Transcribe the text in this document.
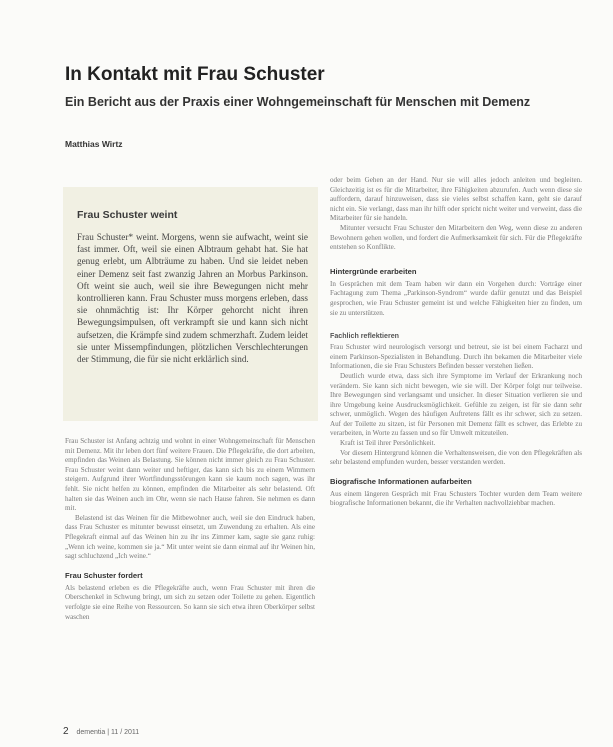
In Kontakt mit Frau Schuster
Ein Bericht aus der Praxis einer Wohngemeinschaft für Menschen mit Demenz
Matthias Wirtz
Frau Schuster weint

Frau Schuster* weint. Morgens, wenn sie aufwacht, weint sie fast immer. Oft, weil sie einen Albtraum gehabt hat. Sie hat genug erlebt, um Albträume zu haben. Und sie leidet neben einer Demenz seit fast zwanzig Jahren an Morbus Parkinson. Oft weint sie auch, weil sie ihre Bewegungen nicht mehr kontrollieren kann. Frau Schuster muss morgens erleben, dass sie ohnmächtig ist: Ihr Körper gehorcht nicht ihren Bewegungsimpulsen, oft verkrampft sie und kann sich nicht aufsetzen, die Krämpfe sind zudem schmerzhaft. Zudem leidet sie unter Missempfindungen, plötzlichen Verschlechterungen der Stimmung, die für sie nicht erklärlich sind.

Frau Schuster ist Anfang achtzig und wohnt in einer Wohngemeinschaft für Menschen mit Demenz. Mit ihr leben dort fünf weitere Frauen. Die Pflegekräfte, die dort arbeiten, empfinden das Weinen als Belastung. Sie können nicht immer gleich zu Frau Schuster. Frau Schuster weint dann weiter und heftiger, das kann sich bis zu einem Wimmern steigern. Aufgrund ihrer Wortfindungsstörungen kann sie kaum noch sagen, was ihr fehlt. Sie nicht helfen zu können, empfinden die Mitarbeiter als sehr belastend. Oft halten sie das Weinen auch im Ohr, wenn sie nach Hause fahren. Sie nehmen es dann mit.

Belastend ist das Weinen für die Mitbewohner auch, weil sie den Eindruck haben, dass Frau Schuster es mitunter bewusst einsetzt, um Zuwendung zu erhalten. Als eine Pflegekraft einmal auf das Weinen hin zu ihr ins Zimmer kam, sagte sie ganz ruhig: „Wenn ich weine, kommen sie ja.“ Mit unter weint sie dann einmal auf ihr Weinen hin, sagt schluchzend „Ich weine.“

Frau Schuster fordert

Als belastend erleben es die Pflegekräfte auch, wenn Frau Schuster mit ihren die Oberschenkel in Schwung bringt, um sich zu setzen oder Toilette zu gehen. Eigentlich verfolgte sie eine Reihe von Ressourcen. So kann sie sich etwa ihren Oberkörper selbst waschen

oder beim Gehen an der Hand. Nur sie will alles jedoch anleiten und begleiten. Gleichzeitig ist es für die Mitarbeiter, ihre Fähigkeiten abzurufen. Auch wenn diese sie auffordern, darauf hinzuweisen, dass sie vieles selbst schaffen kann, geht sie darauf nicht ein. Sie verlangt, dass man ihr hilft oder spricht nicht weiter und verweint, dass die Mitarbeiter für sie handeln.

Mitunter versucht Frau Schuster den Mitarbeitern den Weg, wenn diese zu anderen Bewohnern gehen wollen, und fordert die Aufmerksamkeit für sich. Für die Pflegekräfte entstehen so Konflikte.

Hintergründe erarbeiten

In Gesprächen mit dem Team haben wir dann ein Vorgehen durch: Vorträge einer Fachtagung zum Thema „Parkinson-Syndrom“ wurde dafür genutzt und das Beispiel gesprochen, wie Frau Schuster gemeint ist und welche Fähigkeiten hier zu finden, um sie zu unterstützen.

Fachlich reflektieren

Frau Schuster wird neurologisch versorgt und betreut, sie ist bei einem Facharzt und einem Parkinson-Spezialisten in Behandlung. Durch ihn bekamen die Mitarbeiter viele Informationen, die sie Frau Schusters Befinden besser verstehen ließen.

Deutlich wurde etwa, dass sich ihre Symptome im Verlauf der Erkrankung noch verändern. Sie kann sich nicht bewegen, wie sie will. Der Körper folgt nur teilweise. Ihre Bewegungen sind verlangsamt und unsicher. In dieser Situation verlieren sie und ihre Umgebung keine Ausdrucksmöglichkeit. Gefühle zu zeigen, ist für sie dann sehr schwer, unmöglich. Wegen des häufigen Auftretens fällt es ihr schwer, sich zu setzen. Auf der Toilette zu sitzen, ist für Personen mit Demenz fällt es schwer, das Erlebte zu verarbeiten, in Worte zu fassen und so für Umwelt mitzuteilen.

Kraft ist Teil ihrer Persönlichkeit.

Vor diesem Hintergrund können die Verhaltensweisen, die von den Pflegekräften als sehr belastend empfunden wurden, besser verstanden werden.

Biografische Informationen aufarbeiten

Aus einem längeren Gespräch mit Frau Schusters Tochter wurden dem Team weitere biografische Informationen bekannt, die ihr Verhalten nachvollziehbar machen.

2 dementia | 11 / 2011
